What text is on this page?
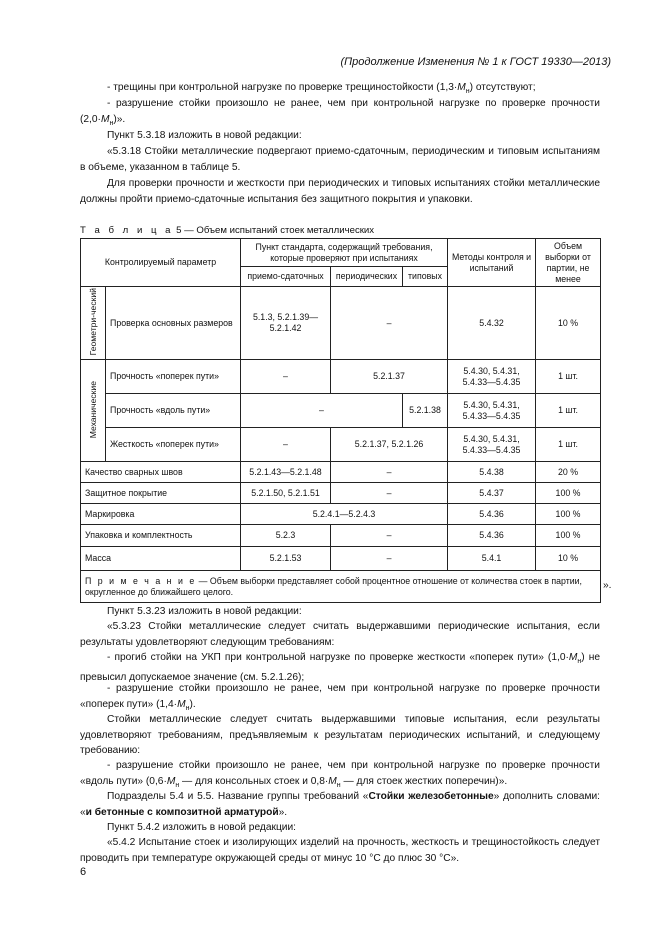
(Продолжение Изменения № 1 к ГОСТ 19330—2013)
- трещины при контрольной нагрузке по проверке трещиностойкости $(1,3\cdot M_н)$ отсутствуют;
- разрушение стойки произошло не ранее, чем при контрольной нагрузке по проверке прочности $(2,0\cdot M_н)$».
Пункт 5.3.18 изложить в новой редакции:
«5.3.18 Стойки металлические подвергают приемо-сдаточным, периодическим и типовым испытаниям в объеме, указанном в таблице 5.
Для проверки прочности и жесткости при периодических и типовых испытаниях стойки металлические должны пройти приемо-сдаточные испытания без защитного покрытия и упаковки.
Т а б л и ц а 5 — Объем испытаний стоек металлических
Контролируемый параметр		Пункт стандарта, содержащий требования, которые проверяют при испытаниях			Методы контроля и испытаний	Объем выборки от партии, не менее
		приемо-сдаточных	периодических	типовых		
Геометри-ческий	Проверка основных размеров	5.1.3, 5.2.1.39—5.2.1.42	–		5.4.32	10 %
Механические	Прочность «поперек пути»	–	5.2.1.37		5.4.30, 5.4.31, 5.4.33—5.4.35	1 шт.
	Прочность «вдоль пути»	–		5.2.1.38	5.4.30, 5.4.31, 5.4.33—5.4.35	1 шт.
	Жесткость «поперек пути»	–	5.2.1.37, 5.2.1.26		5.4.30, 5.4.31, 5.4.33—5.4.35	1 шт.
Качество сварных швов		5.2.1.43—5.2.1.48	–		5.4.38	20 %
Защитное покрытие		5.2.1.50, 5.2.1.51	–		5.4.37	100 %
Маркировка		5.2.4.1—5.2.4.3			5.4.36	100 %
Упаковка и комплектность		5.2.3	–		5.4.36	100 %
Масса		5.2.1.53	–		5.4.1	10 %
П р и м е ч а н и е — Объем выборки представляет собой процентное отношение от количества стоек в партии, округленное до ближайшего целого.						
».
Пункт 5.3.23 изложить в новой редакции:
«5.3.23 Стойки металлические следует считать выдержавшими периодические испытания, если результаты удовлетворяют следующим требованиям:
- прогиб стойки на УКП при контрольной нагрузке по проверке жесткости «поперек пути» $(1,0\cdot M_н)$ не превысил допускаемое значение (см. 5.2.1.26);
- разрушение стойки произошло не ранее, чем при контрольной нагрузке по проверке прочности «поперек пути» $(1,4\cdot M_н)$.
Стойки металлические следует считать выдержавшими типовые испытания, если результаты удовлетворяют требованиям, предъявляемым к результатам периодических испытаний, и следующему требованию:
- разрушение стойки произошло не ранее, чем при контрольной нагрузке по проверке прочности «вдоль пути» ($0,6\cdot M_н$ — для консольных стоек и $0,8\cdot M_н$ — для стоек жестких поперечин)».
Подразделы 5.4 и 5.5. Название группы требований «Стойки железобетонные» дополнить словами: «и бетонные с композитной арматурой».
Пункт 5.4.2 изложить в новой редакции:
«5.4.2 Испытание стоек и изолирующих изделий на прочность, жесткость и трещиностойкость следует проводить при температуре окружающей среды от минус 10 °С до плюс 30 °С».
6
